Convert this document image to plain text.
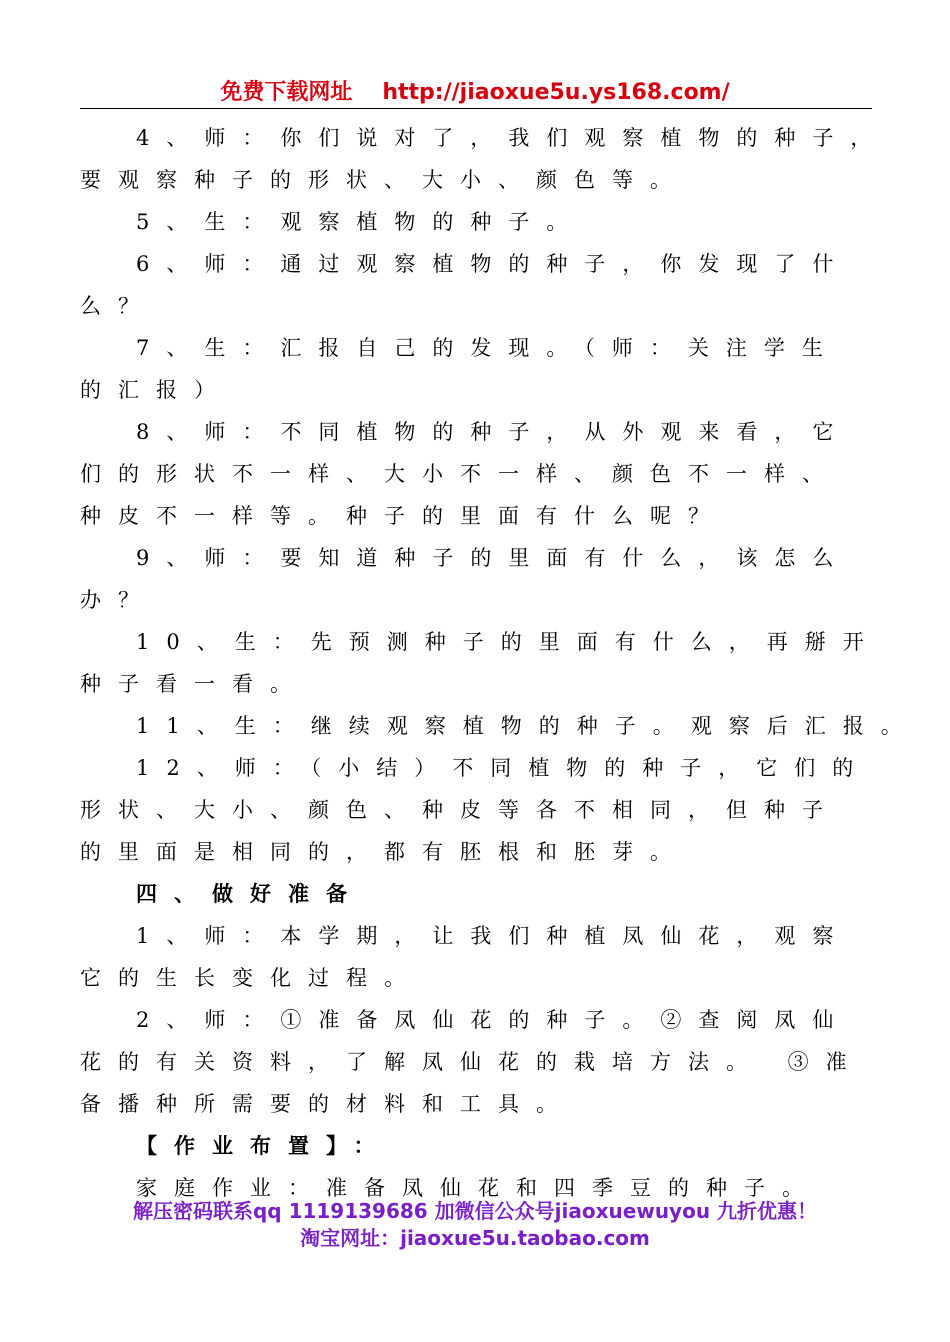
免费下载网址 http://jiaoxue5u.ys168.com/
4、师：你们说对了，我们观察植物的种子，
要观察种子的形状、大小、颜色等。
5、生：观察植物的种子。
6、师：通过观察植物的种子，你发现了什
么？
7、生：汇报自己的发现。（师：关注学生
的汇报）
8、师：不同植物的种子，从外观来看，它
们的形状不一样、大小不一样、颜色不一样、
种皮不一样等。种子的里面有什么呢？
9、师：要知道种子的里面有什么，该怎么
办？
10、生：先预测种子的里面有什么，再掰开
种子看一看。
11、生：继续观察植物的种子。观察后汇报。
12、师：（小结）不同植物的种子，它们的
形状、大小、颜色、种皮等各不相同，但种子
的里面是相同的，都有胚根和胚芽。
四、做好准备
1、师：本学期，让我们种植凤仙花，观察
它的生长变化过程。
2、师：①准备凤仙花的种子。②查阅凤仙
花的有关资料，了解凤仙花的栽培方法。 ③准
备播种所需要的材料和工具。
【作业布置】：
家庭作业：准备凤仙花和四季豆的种子。
解压密码联系qq 1119139686 加微信公众号jiaoxuewuyou 九折优惠！
淘宝网址：jiaoxue5u.taobao.com
